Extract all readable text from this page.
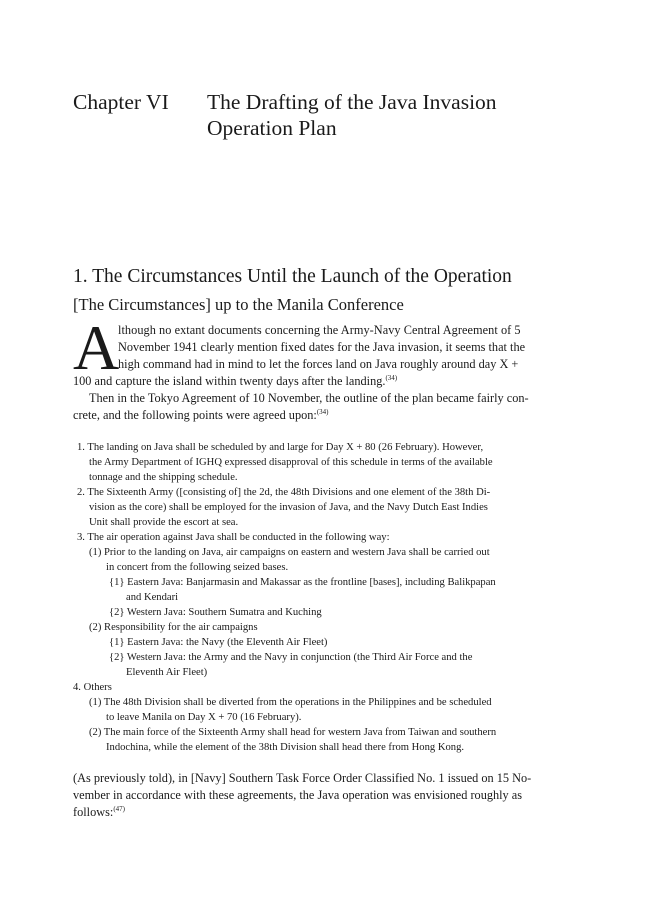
Chapter VI The Drafting of the Java Invasion
Operation Plan
1. The Circumstances Until the Launch of the Operation
[The Circumstances] up to the Manila Conference
A
lthough no extant documents concerning the Army-Navy Central Agreement of 5
November 1941 clearly mention fixed dates for the Java invasion, it seems that the
high command had in mind to let the forces land on Java roughly around day X +
100 and capture the island within twenty days after the landing.$^{(34)}$
Then in the Tokyo Agreement of 10 November, the outline of the plan became fairly con-
crete, and the following points were agreed upon:$^{(34)}$
1. The landing on Java shall be scheduled by and large for Day X + 80 (26 February). However,
the Army Department of IGHQ expressed disapproval of this schedule in terms of the available
tonnage and the shipping schedule.
2. The Sixteenth Army ([consisting of] the 2d, the 48th Divisions and one element of the 38th Di-
vision as the core) shall be employed for the invasion of Java, and the Navy Dutch East Indies
Unit shall provide the escort at sea.
3. The air operation against Java shall be conducted in the following way:
(1) Prior to the landing on Java, air campaigns on eastern and western Java shall be carried out
in concert from the following seized bases.
{1} Eastern Java: Banjarmasin and Makassar as the frontline [bases], including Balikpapan
and Kendari
{2} Western Java: Southern Sumatra and Kuching
(2) Responsibility for the air campaigns
{1} Eastern Java: the Navy (the Eleventh Air Fleet)
{2} Western Java: the Army and the Navy in conjunction (the Third Air Force and the
Eleventh Air Fleet)
4. Others
(1) The 48th Division shall be diverted from the operations in the Philippines and be scheduled
to leave Manila on Day X + 70 (16 February).
(2) The main force of the Sixteenth Army shall head for western Java from Taiwan and southern
Indochina, while the element of the 38th Division shall head there from Hong Kong.
(As previously told), in [Navy] Southern Task Force Order Classified No. 1 issued on 15 No-
vember in accordance with these agreements, the Java operation was envisioned roughly as
follows:$^{(47)}$
